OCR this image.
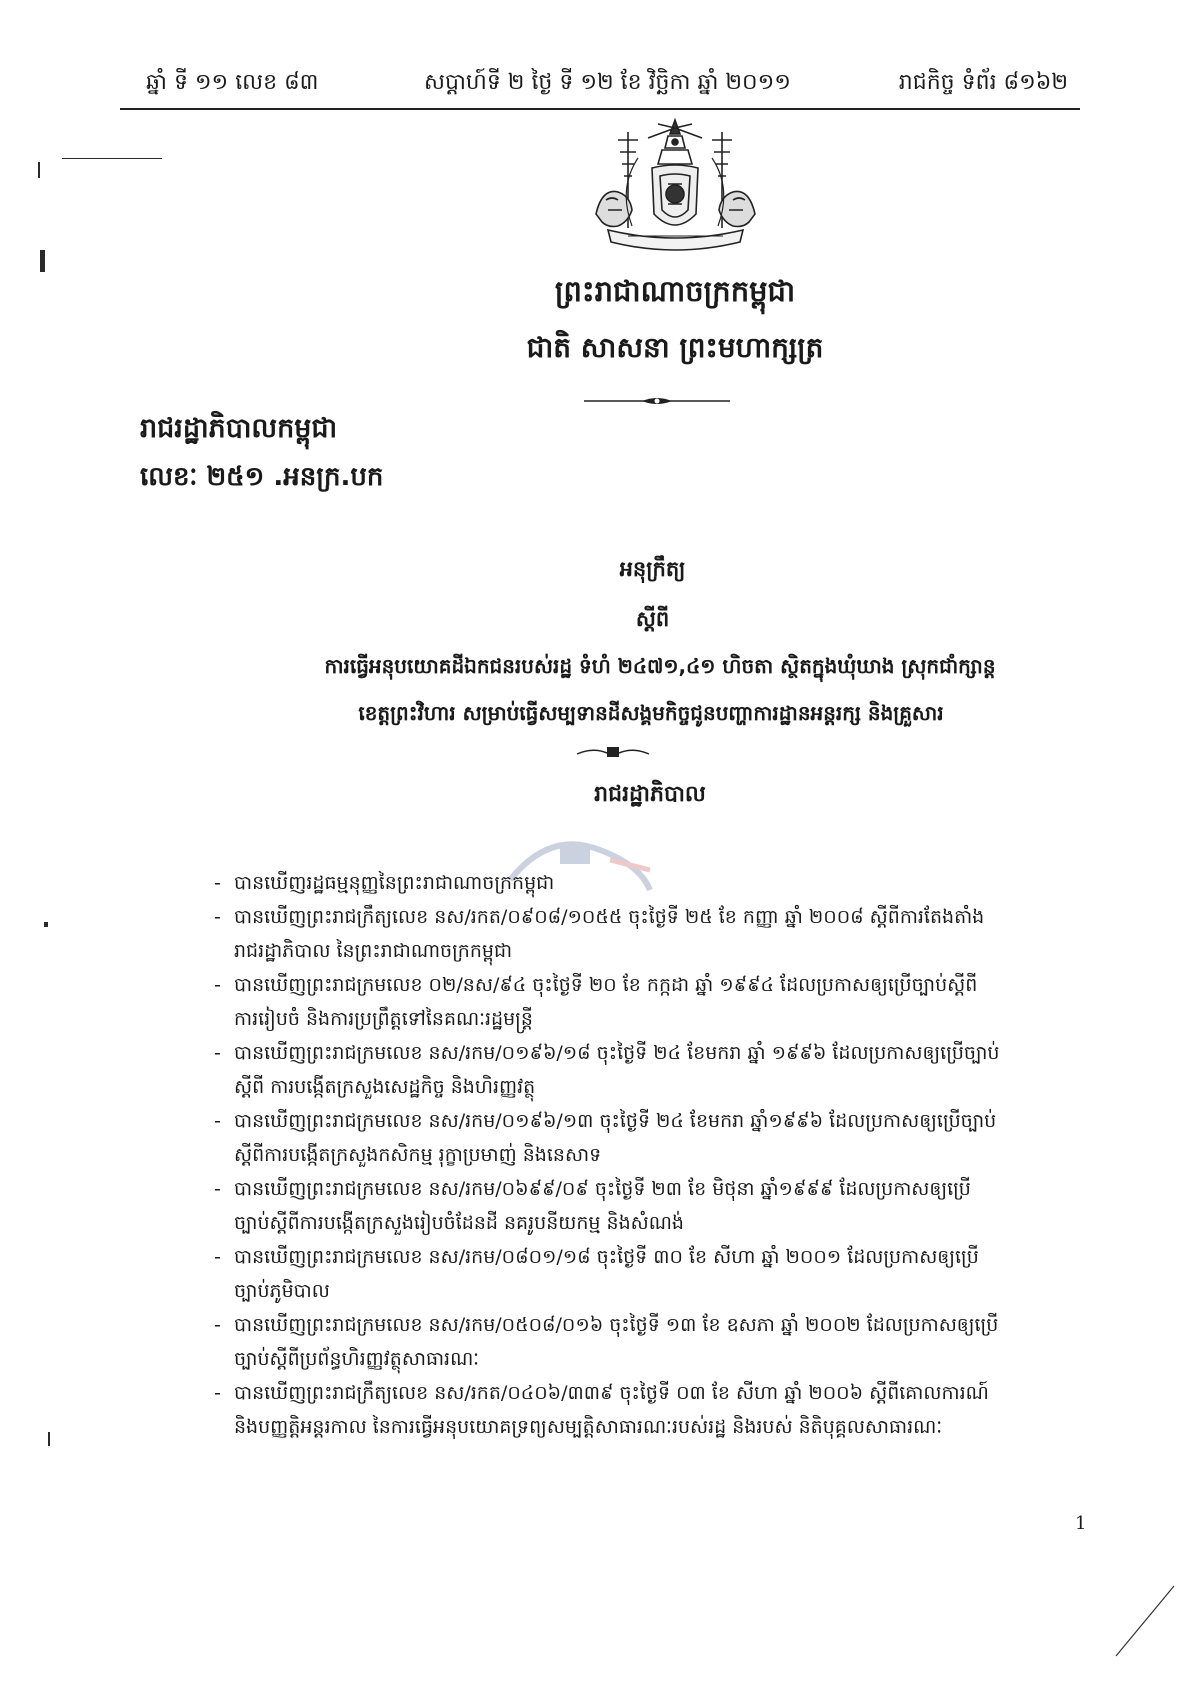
ឆ្នាំ ទី ១១ លេខ ៨៣	សប្តាហ៍ទី ២ ថ្ងៃ ទី ១២ ខែ វិច្ឆិកា ឆ្នាំ ២០១១	រាជកិច្ច ទំព័រ ៨១៦២
ព្រះរាជាណាចក្រកម្ពុជា
ជាតិ សាសនា ព្រះមហាក្សត្រ
រាជរដ្ឋាភិបាលកម្ពុជា
លេខៈ ២៥១ .អនក្រ.បក
អនុក្រឹត្យ
ស្តីពី
ការធ្វើអនុបយោគដីឯកជនរបស់រដ្ឋ ទំហំ ២៤៧១,៤១ ហិចតា ស្ថិតក្នុងឃុំឃាង ស្រុកជាំក្សាន្ត
ខេត្តព្រះវិហារ សម្រាប់ធ្វើសម្បទានដីសង្គមកិច្ចជូនបញ្ហាការដ្ឋានអន្តរក្ស និងគ្រួសារ
រាជរដ្ឋាភិបាល
- បានឃើញរដ្ឋធម្មនុញ្ញនៃព្រះរាជាណាចក្រកម្ពុជា
- បានឃើញព្រះរាជក្រឹត្យលេខ នស/រកត/០៩០៨/១០៥៥ ចុះថ្ងៃទី ២៥ ខែ កញ្ញា ឆ្នាំ ២០០៨ ស្តីពីការតែងតាំង
រាជរដ្ឋាភិបាល នៃព្រះរាជាណាចក្រកម្ពុជា
- បានឃើញព្រះរាជក្រមលេខ ០២/នស/៩៤ ចុះថ្ងៃទី ២០ ខែ កក្កដា ឆ្នាំ ១៩៩៤ ដែលប្រកាសឲ្យប្រើច្បាប់ស្តីពី
ការរៀបចំ និងការប្រព្រឹត្តទៅនៃគណៈរដ្ឋមន្ត្រី
- បានឃើញព្រះរាជក្រមលេខ នស/រកម/០១៩៦/១៨ ចុះថ្ងៃទី ២៤ ខែមករា ឆ្នាំ ១៩៩៦ ដែលប្រកាសឲ្យប្រើច្បាប់
ស្តីពី ការបង្កើតក្រសួងសេដ្ឋកិច្ច និងហិរញ្ញវត្ថុ
- បានឃើញព្រះរាជក្រមលេខ នស/រកម/០១៩៦/១៣ ចុះថ្ងៃទី ២៤ ខែមករា ឆ្នាំ១៩៩៦ ដែលប្រកាសឲ្យប្រើច្បាប់
ស្តីពីការបង្កើតក្រសួងកសិកម្ម រុក្ខាប្រមាញ់ និងនេសាទ
- បានឃើញព្រះរាជក្រមលេខ នស/រកម/០៦៩៩/០៩ ចុះថ្ងៃទី ២៣ ខែ មិថុនា ឆ្នាំ១៩៩៩ ដែលប្រកាសឲ្យប្រើ
ច្បាប់ស្តីពីការបង្កើតក្រសួងរៀបចំដែនដី នគរូបនីយកម្ម និងសំណង់
- បានឃើញព្រះរាជក្រមលេខ នស/រកម/០៨០១/១៨ ចុះថ្ងៃទី ៣០ ខែ សីហា ឆ្នាំ ២០០១ ដែលប្រកាសឲ្យប្រើ
ច្បាប់ភូមិបាល
- បានឃើញព្រះរាជក្រមលេខ នស/រកម/០៥០៨/០១៦ ចុះថ្ងៃទី ១៣ ខែ ឧសភា ឆ្នាំ ២០០២ ដែលប្រកាសឲ្យប្រើ
ច្បាប់ស្តីពីប្រព័ន្ធហិរញ្ញវត្ថុសាធារណៈ
- បានឃើញព្រះរាជក្រឹត្យលេខ នស/រកត/០៤០៦/៣៣៩ ចុះថ្ងៃទី ០៣ ខែ សីហា ឆ្នាំ ២០០៦ ស្តីពីគោលការណ៍
និងបញ្ញត្តិអន្តរកាល នៃការធ្វើអនុបយោគទ្រព្យសម្បត្តិសាធារណៈរបស់រដ្ឋ និងរបស់ និតិបុគ្គលសាធារណៈ
1
